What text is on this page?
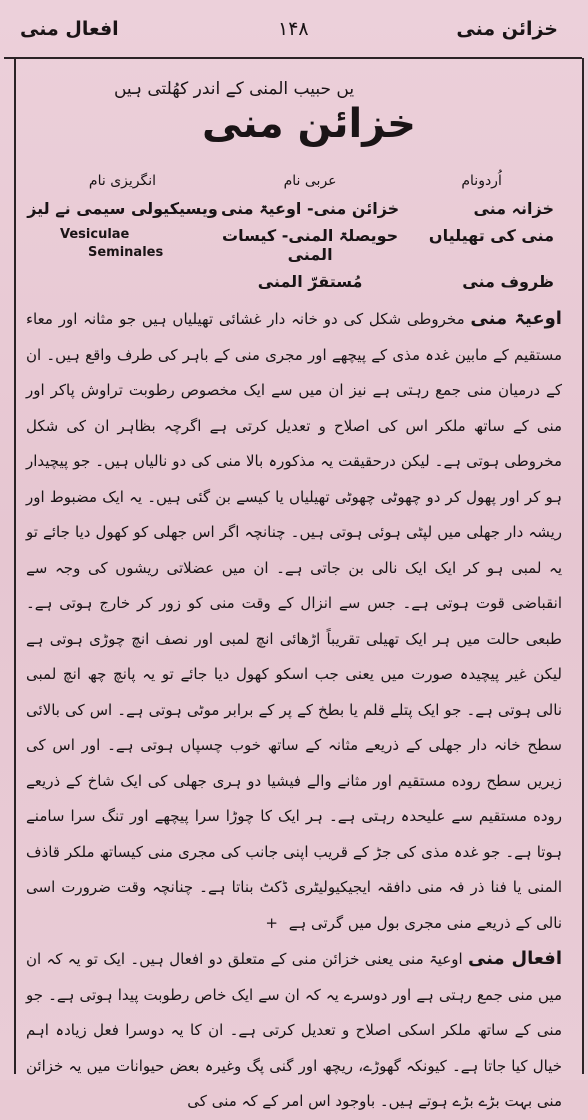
خزائن منی
۱۴۸
افعال منی
یں حبیب المنی کے اندر کھُلتی ہیں
خزائن منی
اُردونام	عربی نام	انگریزی نام
خزانہ منی	خزائن منی- اوعیۃ منی	ویسیکیولی سیمی نے لیز
منی کی تھیلیاں	حویصلۃ المنی- کیسات المنی	Vesiculae
Seminales

ظروف منی	مُستقرّ المنی	

اوعیۃ منی مخروطی شکل کی دو خانہ دار غشائی تھیلیاں ہیں جو مثانہ اور معاء مستقیم کے مابین غدہ مذی کے پیچھے اور مجری منی کے باہر کی طرف واقع ہیں۔ ان کے درمیان منی جمع رہتی ہے نیز ان میں سے ایک مخصوص رطوبت تراوش پاکر اور منی کے ساتھ ملکر اس کی اصلاح و تعدیل کرتی ہے اگرچہ بظاہر ان کی شکل مخروطی ہوتی ہے۔ لیکن درحقیقت یہ مذکورہ بالا منی کی دو نالیاں ہیں۔ جو پیچیدار ہو کر اور پھول کر دو چھوٹی چھوٹی تھیلیاں یا کیسے بن گئی ہیں۔ یہ ایک مضبوط اور ریشہ دار جھلی میں لپٹی ہوئی ہوتی ہیں۔ چنانچہ اگر اس جھلی کو کھول دیا جائے تو یہ لمبی ہو کر ایک ایک نالی بن جاتی ہے۔ ان میں عضلاتی ریشوں کی وجہ سے انقباضی قوت ہوتی ہے۔ جس سے انزال کے وقت منی کو زور کر خارج ہوتی ہے۔ طبعی حالت میں ہر ایک تھیلی تقریباً اڑھائی انچ لمبی اور نصف انچ چوڑی ہوتی ہے لیکن غیر پیچیدہ صورت میں یعنی جب اسکو کھول دیا جائے تو یہ پانچ چھ انچ لمبی نالی ہوتی ہے۔ جو ایک پتلے قلم یا بطخ کے پر کے برابر موٹی ہوتی ہے۔ اس کی بالائی سطح خانہ دار جھلی کے ذریعے مثانہ کے ساتھ خوب چسپاں ہوتی ہے۔ اور اس کی زیریں سطح روده مستقیم اور مثانے والے فیشیا دو ہری جھلی کی ایک شاخ کے ذریعے روده مستقیم سے علیحدہ رہتی ہے۔ ہر ایک کا چوڑا سرا پیچھے اور تنگ سرا سامنے ہوتا ہے۔ جو غدہ مذی کی جڑ کے قریب اپنی جانب کی مجری منی کیساتھ ملکر قاذف المنی یا فنا ذر فہ منی دافقہ ایجیکیولیٹری ڈکٹ بناتا ہے۔ چنانچہ وقت ضرورت اسی نالی کے ذریعے منی مجری بول میں گرتی ہے +

افعال منی اوعیۃ منی یعنی خزائن منی کے متعلق دو افعال ہیں۔ ایک تو یہ کہ ان میں منی جمع رہتی ہے اور دوسرے یہ کہ ان سے ایک خاص رطوبت پیدا ہوتی ہے۔ جو منی کے ساتھ ملکر اسکی اصلاح و تعدیل کرتی ہے۔ ان کا یہ دوسرا فعل زیادہ اہم خیال کیا جاتا ہے۔ کیونکہ گھوڑے، ریچھ اور گنی پگ وغیرہ بعض حیوانات میں یہ خزائن منی بہت بڑے بڑے ہوتے ہیں۔ باوجود اس امر کے کہ منی کی
